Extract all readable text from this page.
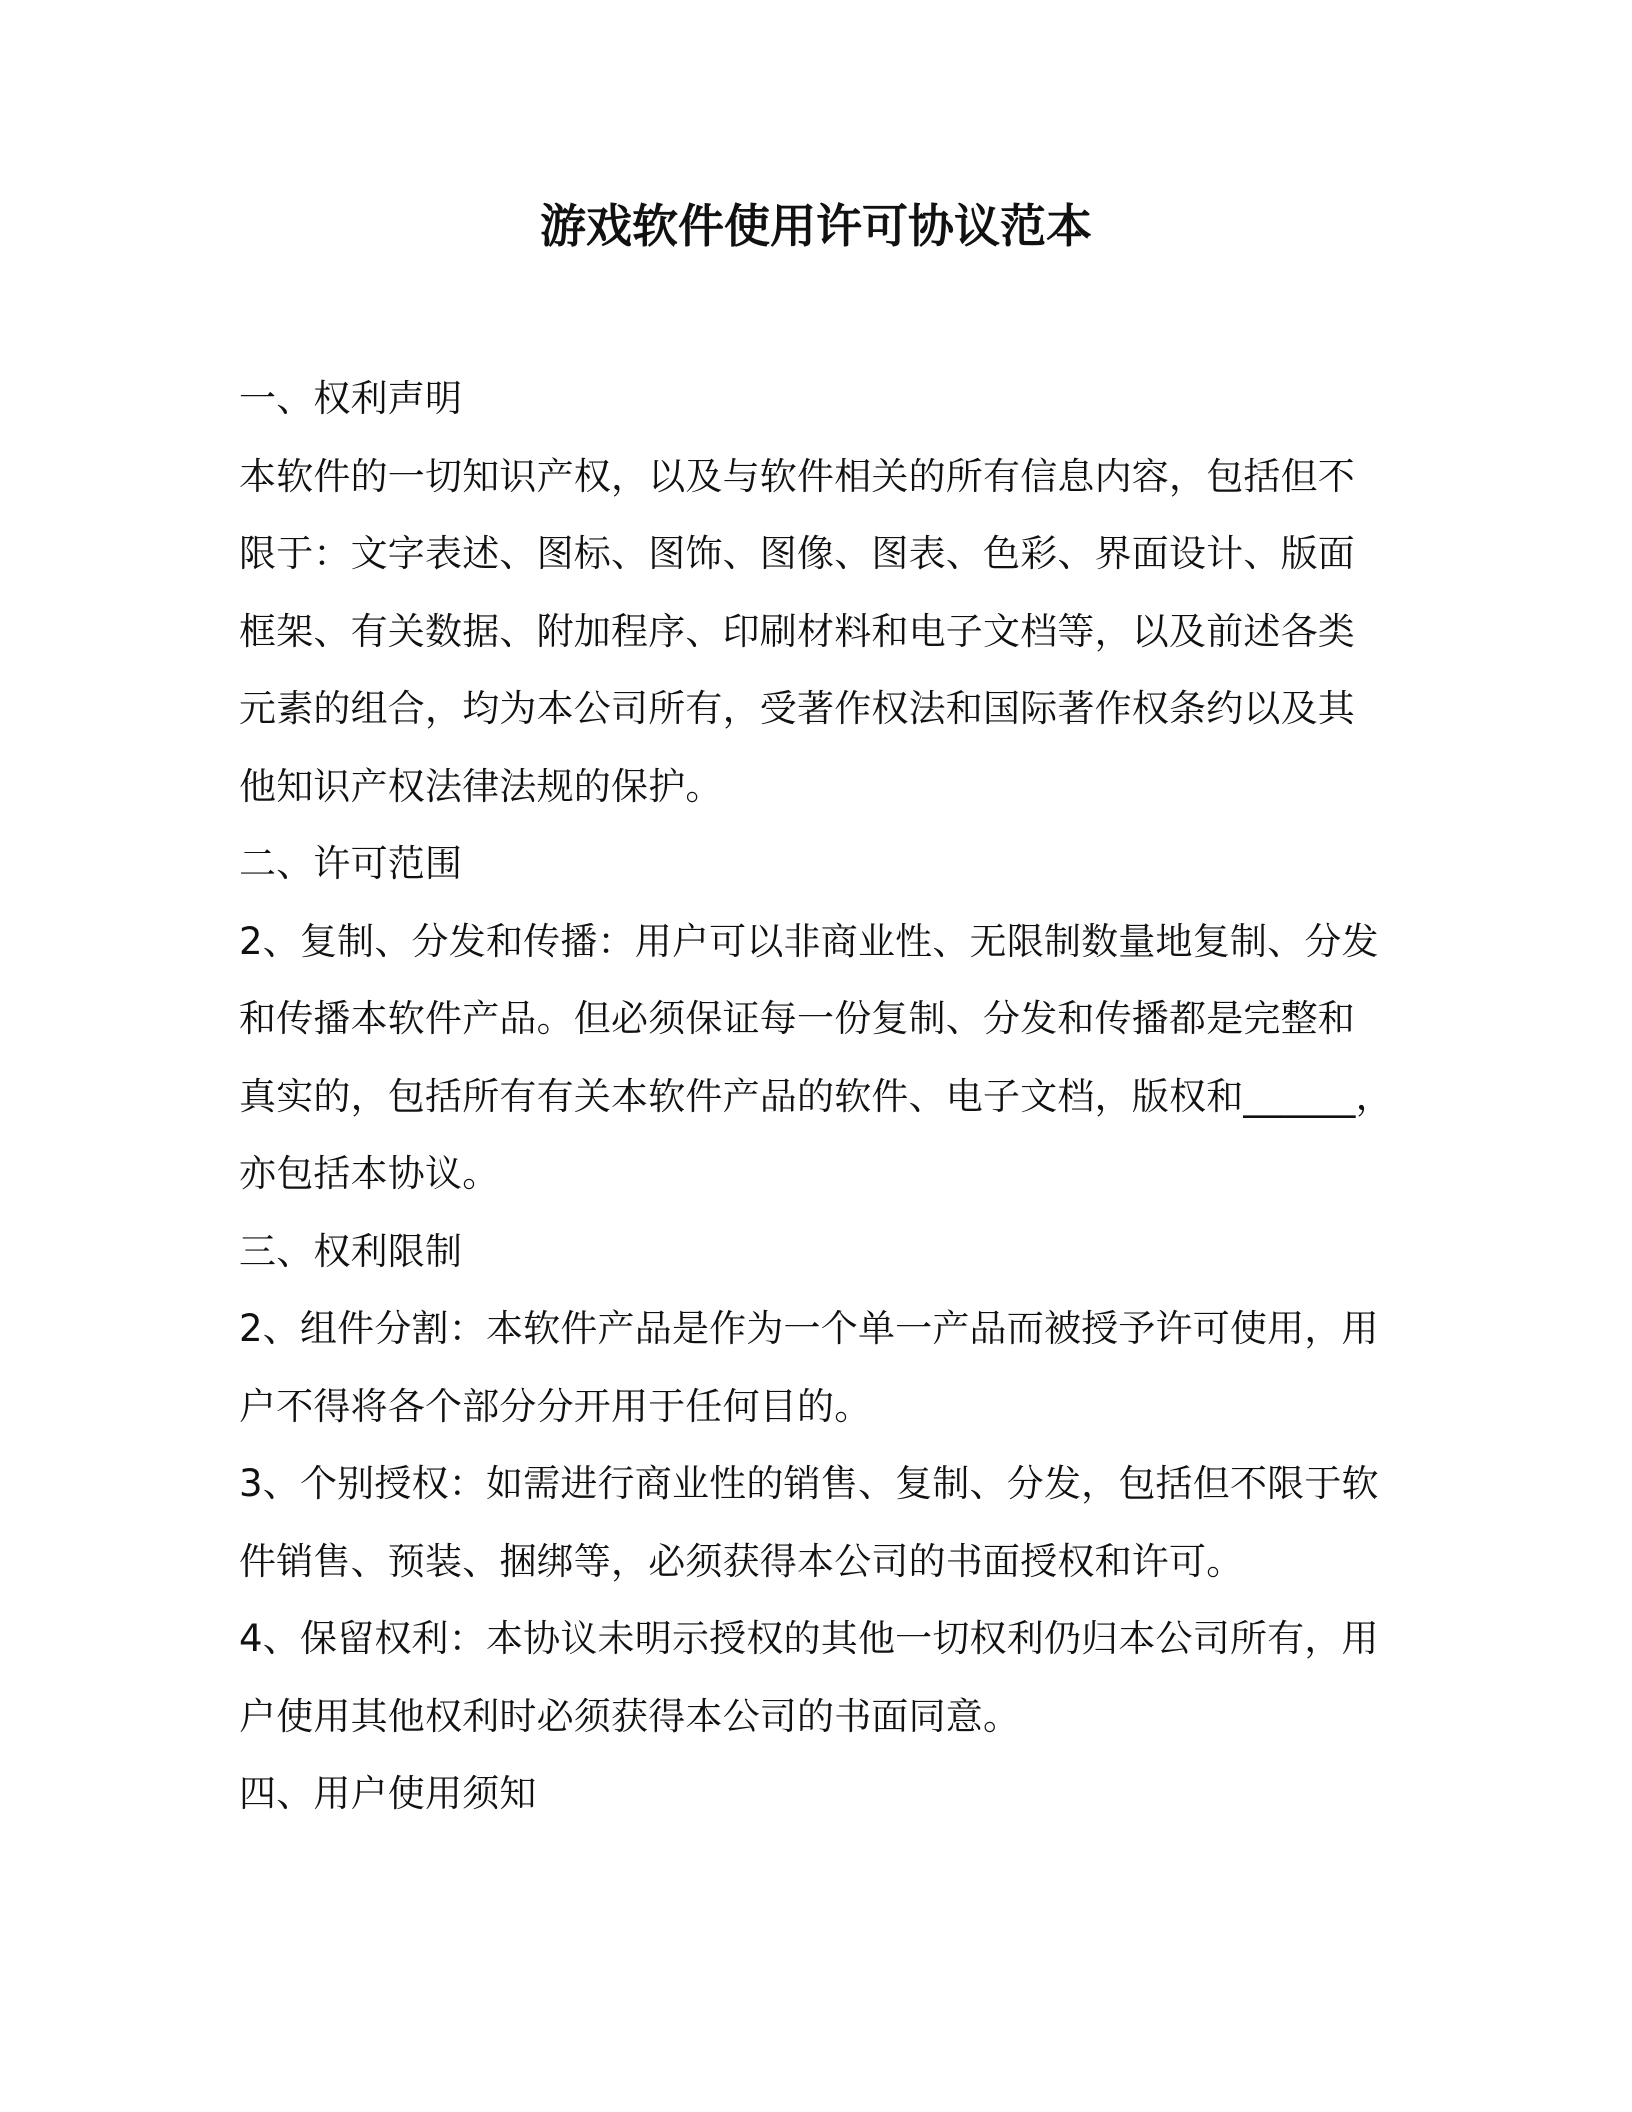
游戏软件使用许可协议范本

一、权利声明

本软件的一切知识产权，以及与软件相关的所有信息内容，包括但不

限于：文字表述、图标、图饰、图像、图表、色彩、界面设计、版面

框架、有关数据、附加程序、印刷材料和电子文档等，以及前述各类

元素的组合，均为本公司所有，受著作权法和国际著作权条约以及其

他知识产权法律法规的保护。

二、许可范围

2、复制、分发和传播：用户可以非商业性、无限制数量地复制、分发

和传播本软件产品。但必须保证每一份复制、分发和传播都是完整和

真实的，包括所有有关本软件产品的软件、电子文档，版权和______，

亦包括本协议。

三、权利限制

2、组件分割：本软件产品是作为一个单一产品而被授予许可使用，用

户不得将各个部分分开用于任何目的。

3、个别授权：如需进行商业性的销售、复制、分发，包括但不限于软

件销售、预装、捆绑等，必须获得本公司的书面授权和许可。

4、保留权利：本协议未明示授权的其他一切权利仍归本公司所有，用

户使用其他权利时必须获得本公司的书面同意。

四、用户使用须知
